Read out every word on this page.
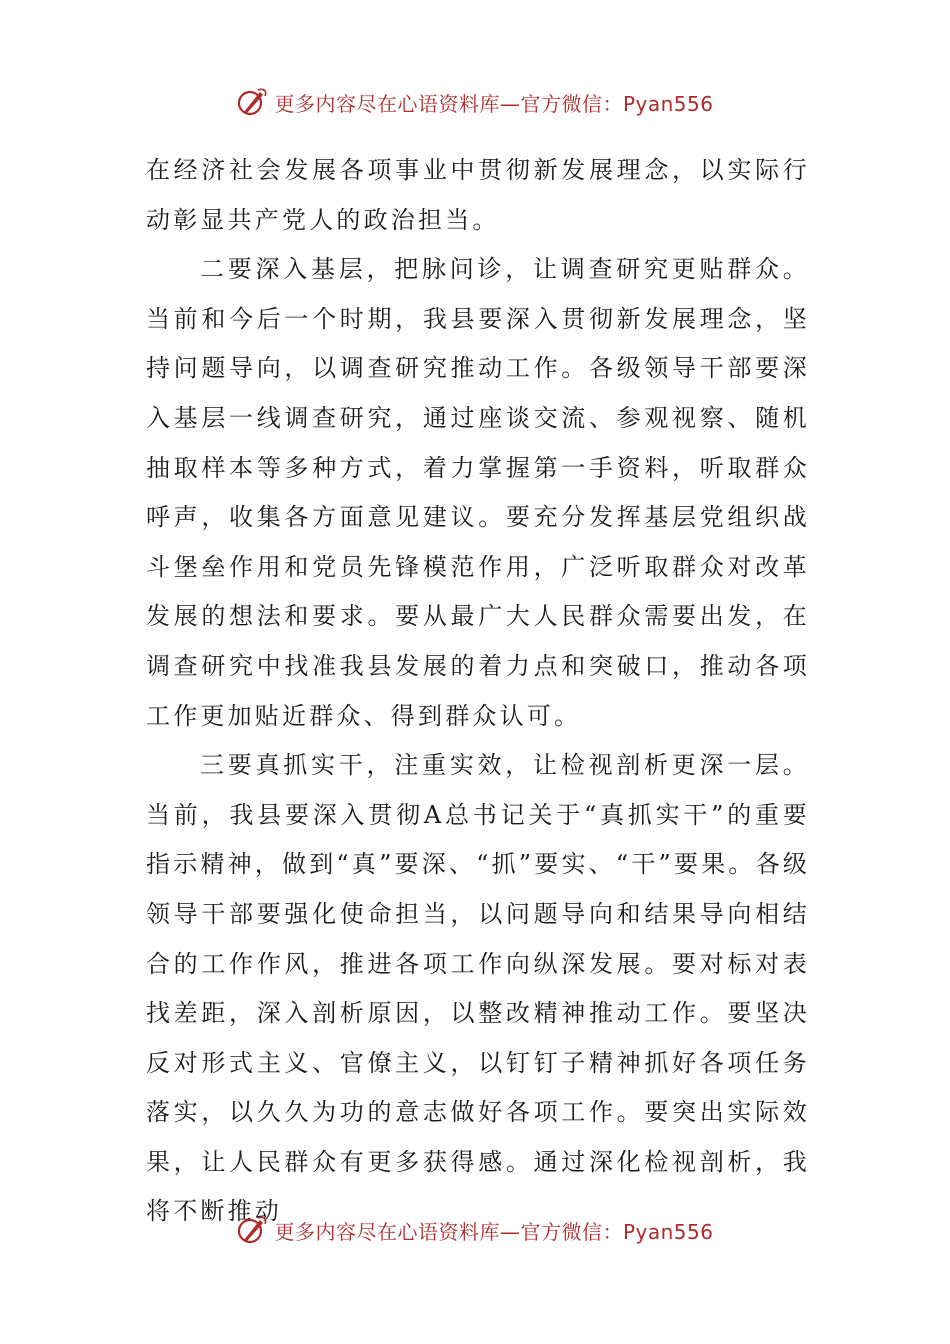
更多内容尽在心语资料库—官方微信：Pyan556

在经济社会发展各项事业中贯彻新发展理念，以实际行动彰显共产党人的政治担当。

二要深入基层，把脉问诊，让调查研究更贴群众。当前和今后一个时期，我县要深入贯彻新发展理念，坚持问题导向，以调查研究推动工作。各级领导干部要深入基层一线调查研究，通过座谈交流、参观视察、随机抽取样本等多种方式，着力掌握第一手资料，听取群众呼声，收集各方面意见建议。要充分发挥基层党组织战斗堡垒作用和党员先锋模范作用，广泛听取群众对改革发展的想法和要求。要从最广大人民群众需要出发，在调查研究中找准我县发展的着力点和突破口，推动各项工作更加贴近群众、得到群众认可。

三要真抓实干，注重实效，让检视剖析更深一层。当前，我县要深入贯彻A总书记关于“真抓实干”的重要指示精神，做到“真”要深、“抓”要实、“干”要果。各级领导干部要强化使命担当，以问题导向和结果导向相结合的工作作风，推进各项工作向纵深发展。要对标对表找差距，深入剖析原因，以整改精神推动工作。要坚决反对形式主义、官僚主义，以钉钉子精神抓好各项任务落实，以久久为功的意志做好各项工作。要突出实际效果，让人民群众有更多获得感。通过深化检视剖析，我将不断推动

更多内容尽在心语资料库—官方微信：Pyan556
